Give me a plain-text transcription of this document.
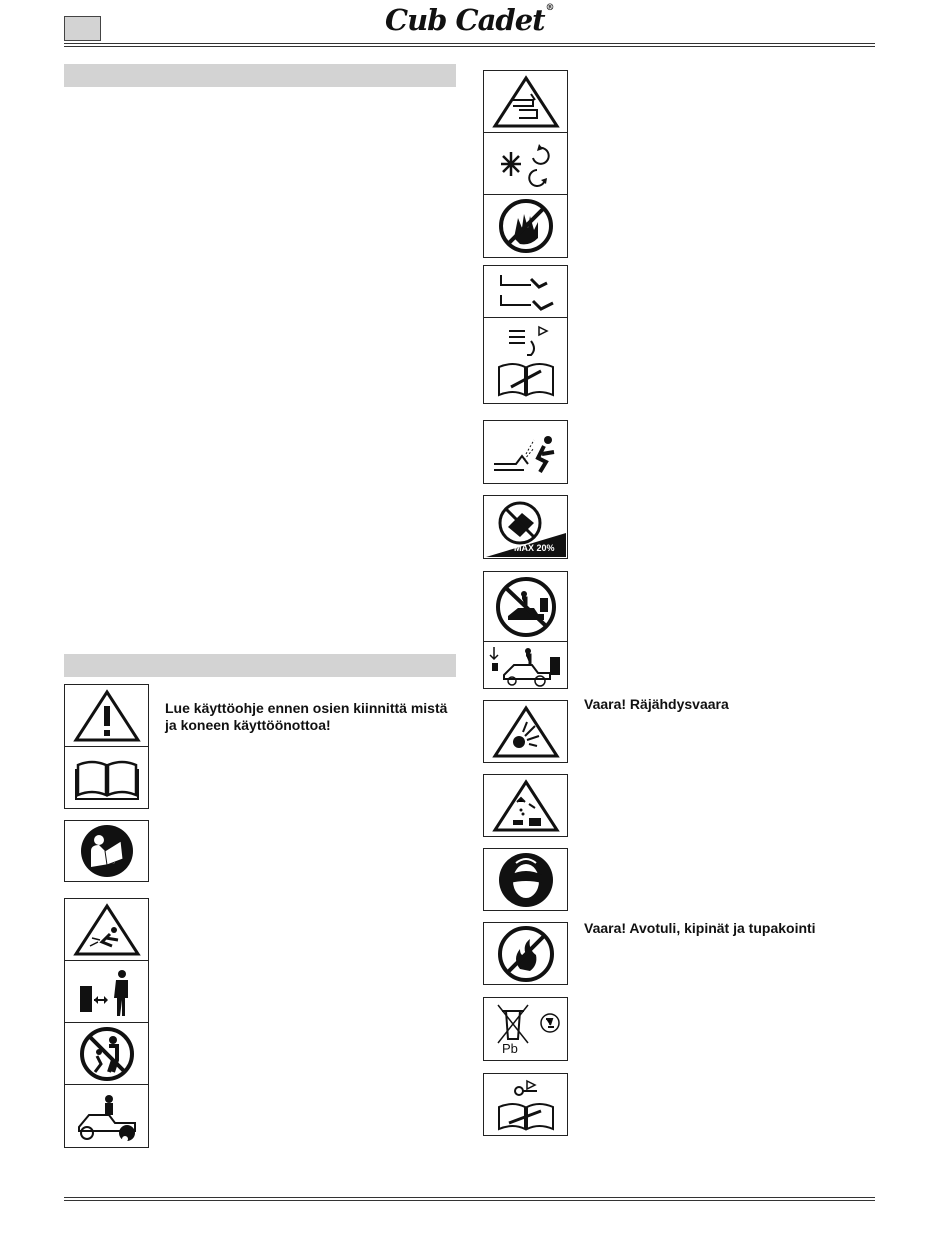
Cub Cadet®
Lue käyttöohje ennen osien kiinnittä mistä ja koneen käyttöönottoa!
MAX 20%
Vaara! Räjähdysvaara
Vaara! Avotuli, kipinät ja tupakointi
Pb
